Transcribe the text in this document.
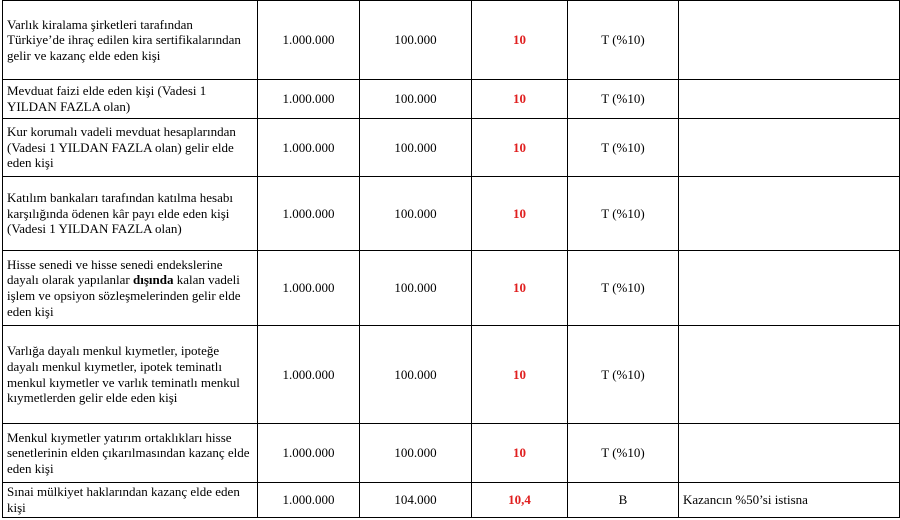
Varlık kiralama şirketleri tarafından Türkiye’de ihraç edilen kira sertifikalarından gelir ve kazanç elde eden kişi	1.000.000	100.000	10	T (%10)	
Mevduat faizi elde eden kişi (Vadesi 1 YILDAN FAZLA olan)	1.000.000	100.000	10	T (%10)	
Kur korumalı vadeli mevduat hesaplarından (Vadesi 1 YILDAN FAZLA olan) gelir elde eden kişi	1.000.000	100.000	10	T (%10)	
Katılım bankaları tarafından katılma hesabı karşılığında ödenen kâr payı elde eden kişi (Vadesi 1 YILDAN FAZLA olan)	1.000.000	100.000	10	T (%10)	
Hisse senedi ve hisse senedi endekslerine dayalı olarak yapılanlar dışında kalan vadeli işlem ve opsiyon sözleşmelerinden gelir elde eden kişi	1.000.000	100.000	10	T (%10)	
Varlığa dayalı menkul kıymetler, ipoteğe dayalı menkul kıymetler, ipotek teminatlı menkul kıymetler ve varlık teminatlı menkul kıymetlerden gelir elde eden kişi	1.000.000	100.000	10	T (%10)	
Menkul kıymetler yatırım ortaklıkları hisse senetlerinin elden çıkarılmasından kazanç elde eden kişi	1.000.000	100.000	10	T (%10)	
Sınai mülkiyet haklarından kazanç elde eden kişi	1.000.000	104.000	10,4	B	Kazancın %50’si istisna
